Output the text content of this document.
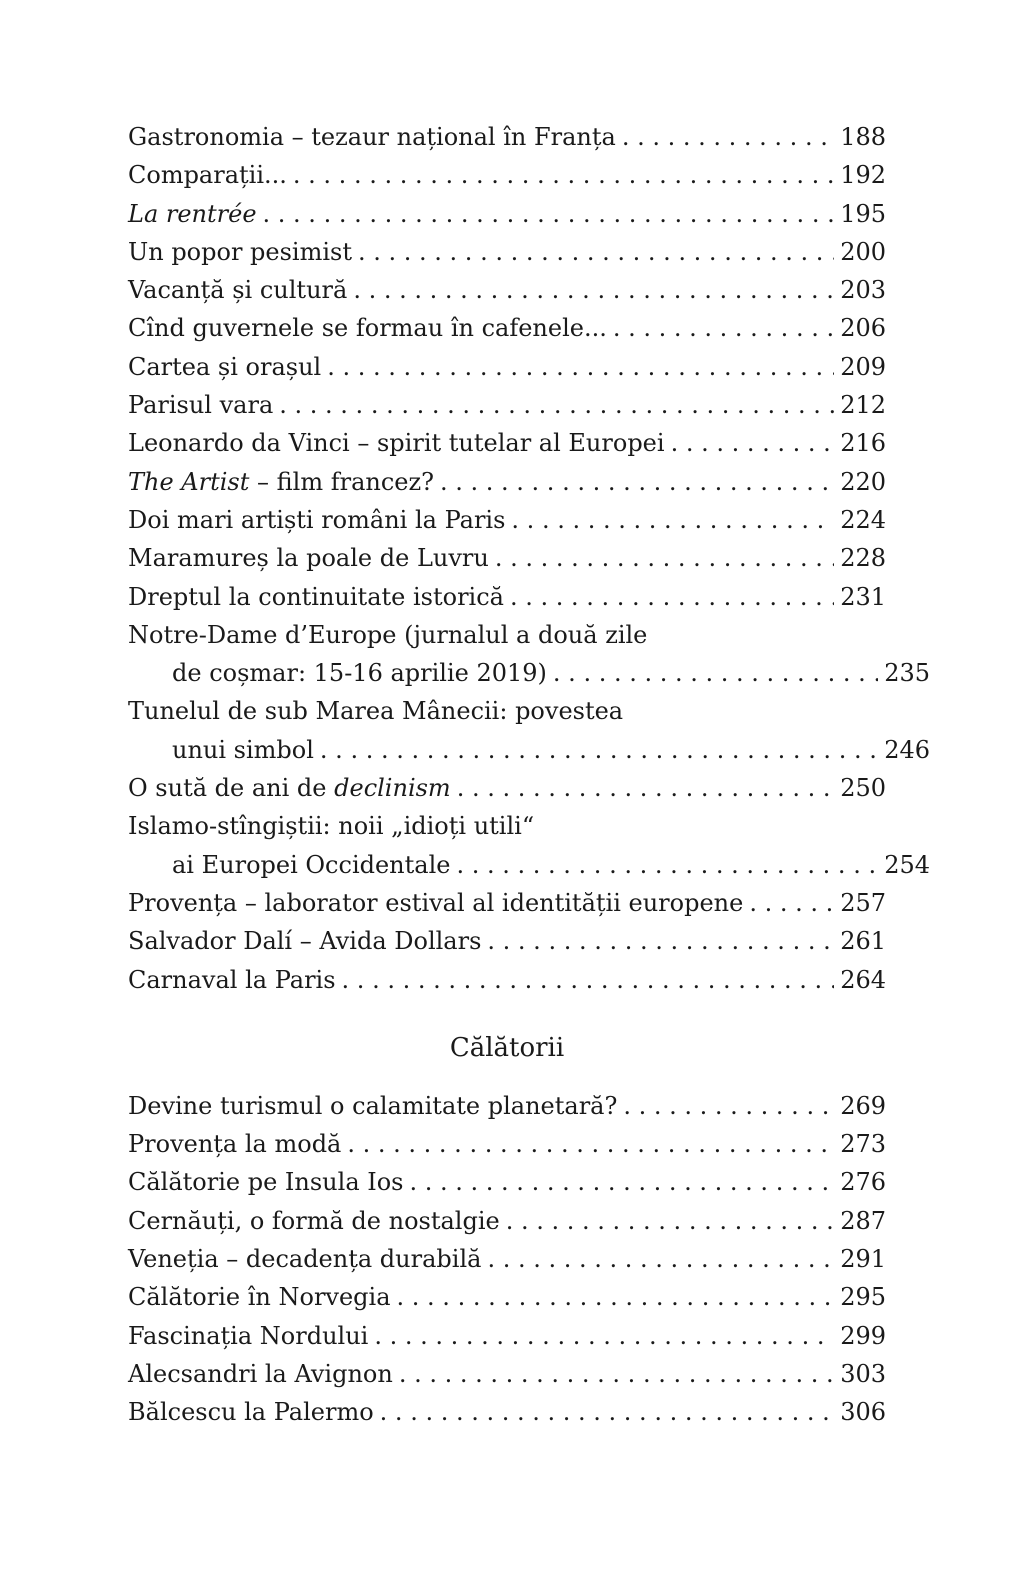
Gastronomia – tezaur național în Franța . . .	188
Comparații... . . .	192
La rentrée . . .	195
Un popor pesimist . . .	200
Vacanță și cultură . . .	203
Cînd guvernele se formau în cafenele... . . .	206
Cartea și orașul . . .	209
Parisul vara . . .	212
Leonardo da Vinci – spirit tutelar al Europei . . .	216
The Artist – film francez? . . .	220
Doi mari artiști români la Paris . . .	224
Maramureș la poale de Luvru . . .	228
Dreptul la continuitate istorică . . .	231
Notre-Dame d’Europe (jurnalul a două zile
de coșmar: 15-16 aprilie 2019) . . .	235
Tunelul de sub Marea Mânecii: povestea
unui simbol . . .	246
O sută de ani de declinism . . .	250
Islamo-stîngiștii: noii „idioți utili“
ai Europei Occidentale . . .	254
Provența – laborator estival al identității europene . . .	257
Salvador Dalí – Avida Dollars . . .	261
Carnaval la Paris . . .	264
Călătorii
Devine turismul o calamitate planetară? . . .	269
Provența la modă . . .	273
Călătorie pe Insula Ios . . .	276
Cernăuți, o formă de nostalgie . . .	287
Veneția – decadența durabilă . . .	291
Călătorie în Norvegia . . .	295
Fascinația Nordului . . .	299
Alecsandri la Avignon . . .	303
Bălcescu la Palermo . . .	306
